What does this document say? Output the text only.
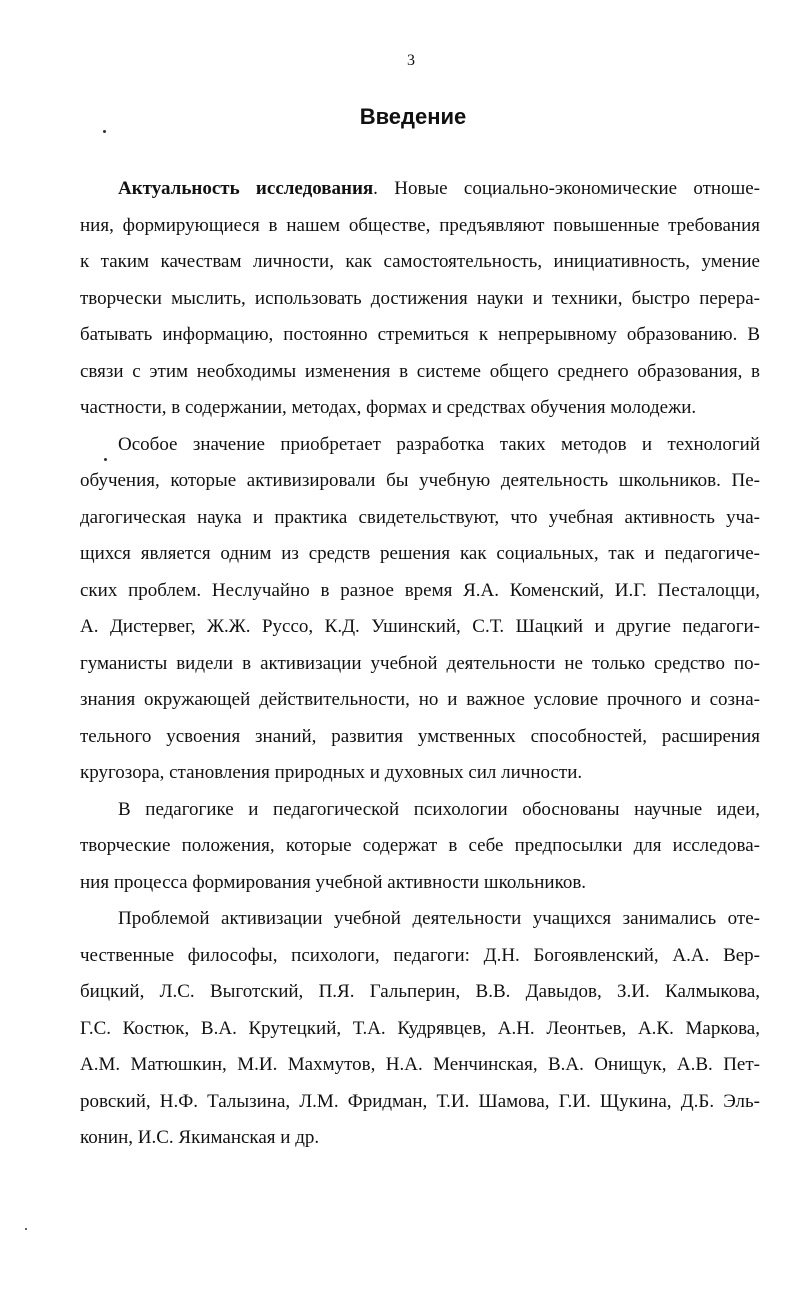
3
Введение
Актуальность исследования. Новые социально-экономические отноше-
ния, формирующиеся в нашем обществе, предъявляют повышенные требования
к таким качествам личности, как самостоятельность, инициативность, умение
творчески мыслить, использовать достижения науки и техники, быстро перера-
батывать информацию, постоянно стремиться к непрерывному образованию. В
связи с этим необходимы изменения в системе общего среднего образования, в
частности, в содержании, методах, формах и средствах обучения молодежи.
Особое значение приобретает разработка таких методов и технологий
обучения, которые активизировали бы учебную деятельность школьников. Пе-
дагогическая наука и практика свидетельствуют, что учебная активность уча-
щихся является одним из средств решения как социальных, так и педагогиче-
ских проблем. Неслучайно в разное время Я.А. Коменский, И.Г. Песталоцци,
А. Дистервег, Ж.Ж. Руссо, К.Д. Ушинский, С.Т. Шацкий и другие педагоги-
гуманисты видели в активизации учебной деятельности не только средство по-
знания окружающей действительности, но и важное условие прочного и созна-
тельного усвоения знаний, развития умственных способностей, расширения
кругозора, становления природных и духовных сил личности.
В педагогике и педагогической психологии обоснованы научные идеи,
творческие положения, которые содержат в себе предпосылки для исследова-
ния процесса формирования учебной активности школьников.
Проблемой активизации учебной деятельности учащихся занимались оте-
чественные философы, психологи, педагоги: Д.Н. Богоявленский, А.А. Вер-
бицкий, Л.С. Выготский, П.Я. Гальперин, В.В. Давыдов, З.И. Калмыкова,
Г.С. Костюк, В.А. Крутецкий, Т.А. Кудрявцев, А.Н. Леонтьев, А.К. Маркова,
А.М. Матюшкин, М.И. Махмутов, Н.А. Менчинская, В.А. Онищук, А.В. Пет-
ровский, Н.Ф. Талызина, Л.М. Фридман, Т.И. Шамова, Г.И. Щукина, Д.Б. Эль-
конин, И.С. Якиманская и др.
